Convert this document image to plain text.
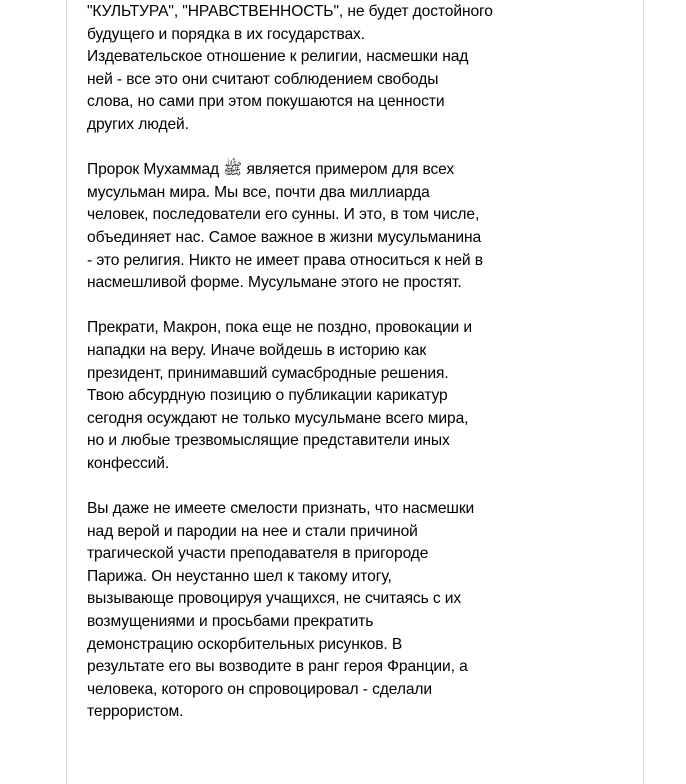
"КУЛЬТУРА", "НРАВСТВЕННОСТЬ", не будет достойного
будущего и порядка в их государствах.
Издевательское отношение к религии, насмешки над
ней - все это они считают соблюдением свободы
слова, но сами при этом покушаются на ценности
других людей.

Пророк Мухаммад ﷺ является примером для всех
мусульман мира. Мы все, почти два миллиарда
человек, последователи его сунны. И это, в том числе,
объединяет нас. Самое важное в жизни мусульманина
- это религия. Никто не имеет права относиться к ней в
насмешливой форме. Мусульмане этого не простят.

Прекрати, Макрон, пока еще не поздно, провокации и
нападки на веру. Иначе войдешь в историю как
президент, принимавший сумасбродные решения.
Твою абсурдную позицию о публикации карикатур
сегодня осуждают не только мусульмане всего мира,
но и любые трезвомыслящие представители иных
конфессий.

Вы даже не имеете смелости признать, что насмешки
над верой и пародии на нее и стали причиной
трагической участи преподавателя в пригороде
Парижа. Он неустанно шел к такому итогу,
вызывающе провоцируя учащихся, не считаясь с их
возмущениями и просьбами прекратить
демонстрацию оскорбительных рисунков. В
результате его вы возводите в ранг героя Франции, а
человека, которого он спровоцировал - сделали
террористом.
